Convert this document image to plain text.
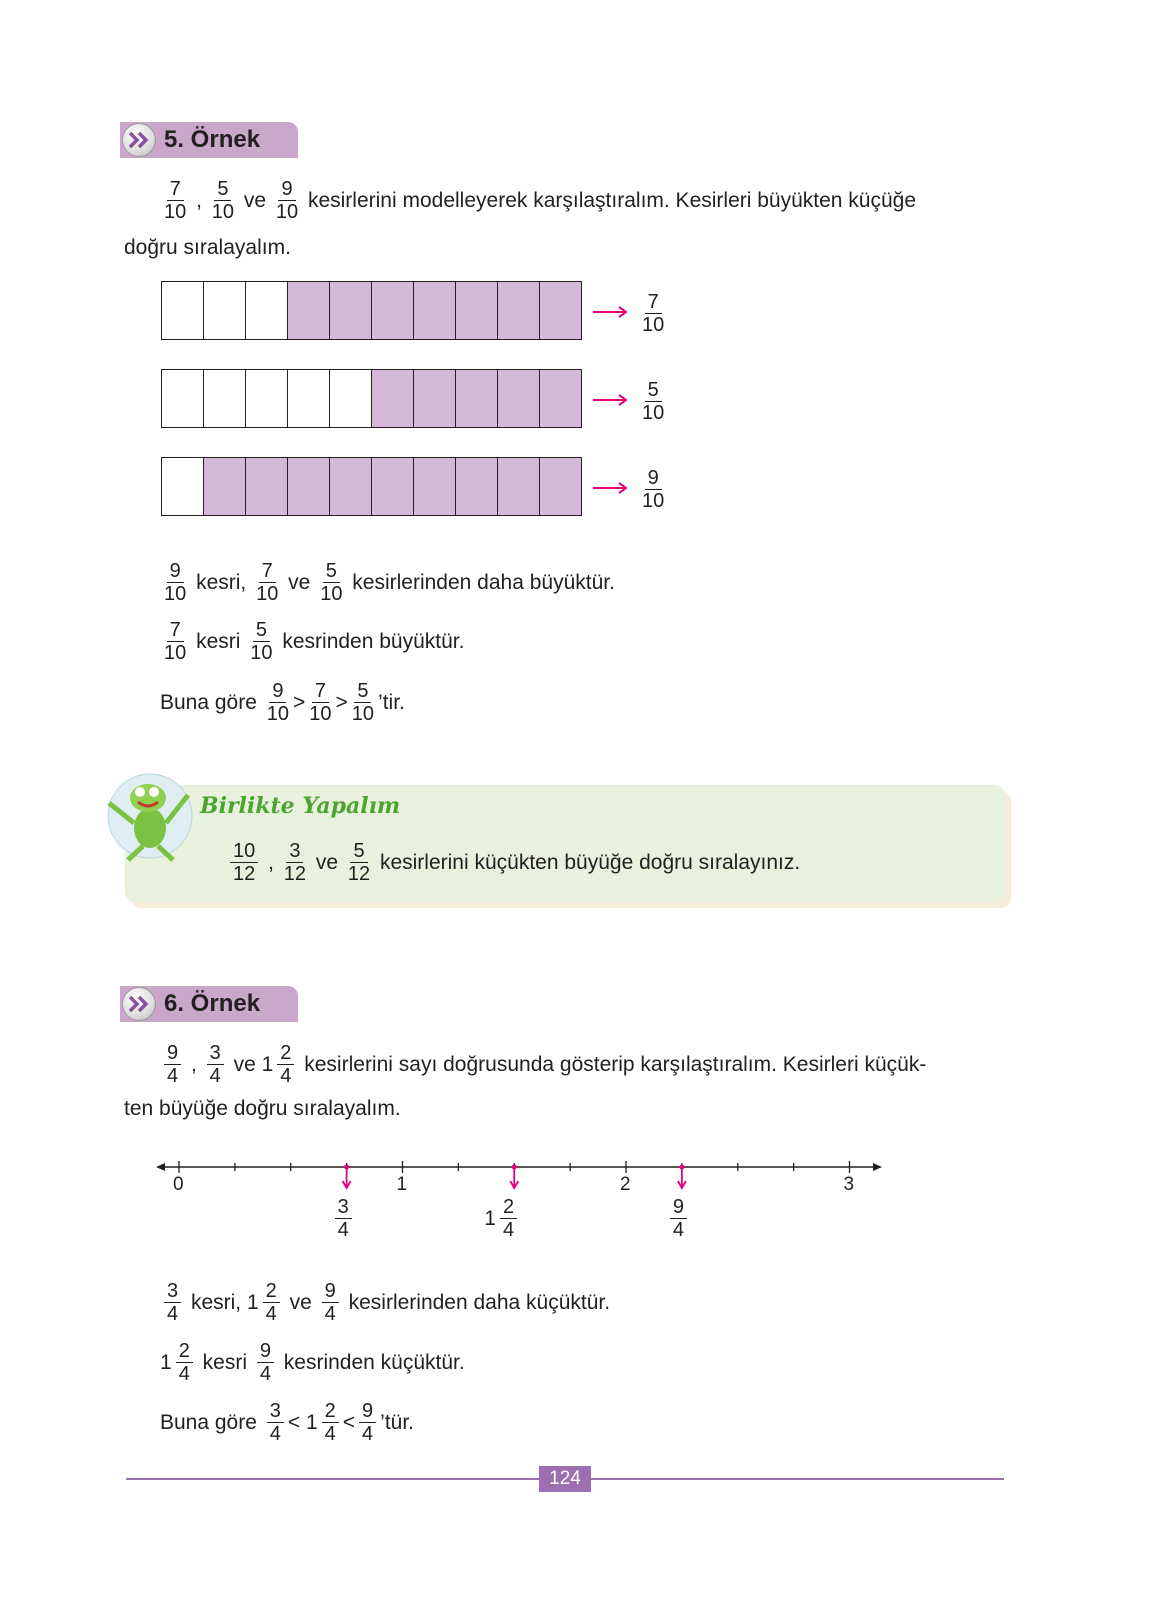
5. Örnek
$\frac{7}{10}$ , $\frac{5}{10}$ ve $\frac{9}{10}$ kesirlerini modelleyerek karşılaştıralım. Kesirleri büyükten küçüğe
doğru sıralayalım.
$\frac{7}{10}$
$\frac{5}{10}$
$\frac{9}{10}$
$\frac{9}{10}$ kesri, $\frac{7}{10}$ ve $\frac{5}{10}$ kesirlerinden daha büyüktür.
$\frac{7}{10}$ kesri $\frac{5}{10}$ kesrinden büyüktür.
Buna göre $\frac{9}{10} > \frac{7}{10} > \frac{5}{10}$ ’tir.
Birlikte Yapalım
$\frac{10}{12}$ , $\frac{3}{12}$ ve $\frac{5}{12}$ kesirlerini küçükten büyüğe doğru sıralayınız.
6. Örnek
$\frac{9}{4}$ , $\frac{3}{4}$ ve $1 \frac{2}{4}$ kesirlerini sayı doğrusunda gösterip karşılaştıralım. Kesirleri küçük-
ten büyüğe doğru sıralayalım.
0	1	2	3
$\frac{3}{4}$	$1 \frac{2}{4}$	$\frac{9}{4}$
$\frac{3}{4}$ kesri, $1 \frac{2}{4}$ ve $\frac{9}{4}$ kesirlerinden daha küçüktür.
$1 \frac{2}{4}$ kesri $\frac{9}{4}$ kesrinden küçüktür.
Buna göre $\frac{3}{4} < 1 \frac{2}{4} < \frac{9}{4}$ ’tür.
124
